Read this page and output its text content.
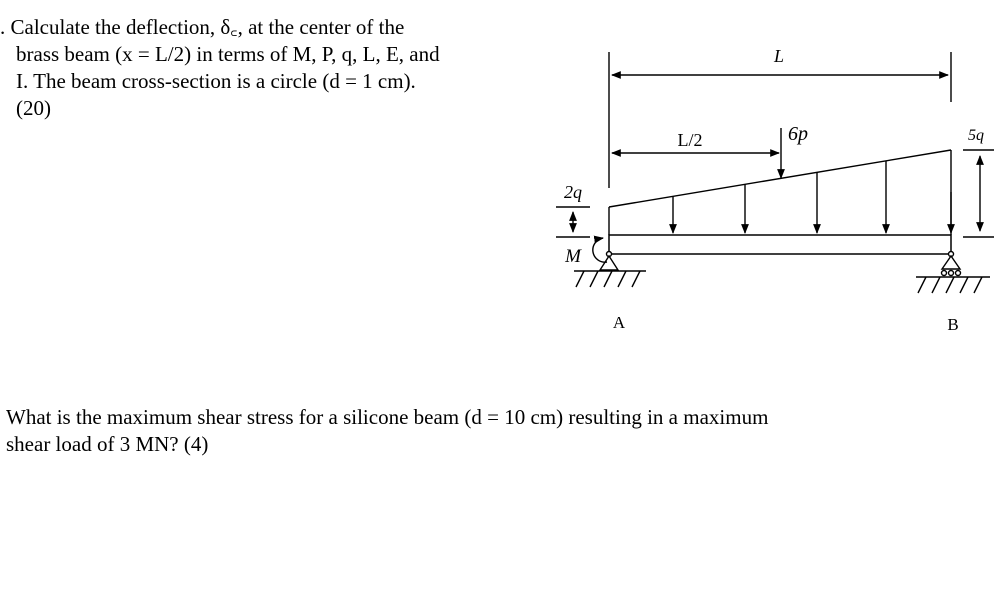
. Calculate the deflection, δ꜀, at the center of the
brass beam (x = L/2) in terms of M, P, q, L, E, and
I. The beam cross-section is a circle (d = 1 cm).
(20)
L
L/2	6p
2q
5q
M
A	B
What is the maximum shear stress for a silicone beam (d = 10 cm) resulting in a maximum
shear load of 3 MN? (4)
